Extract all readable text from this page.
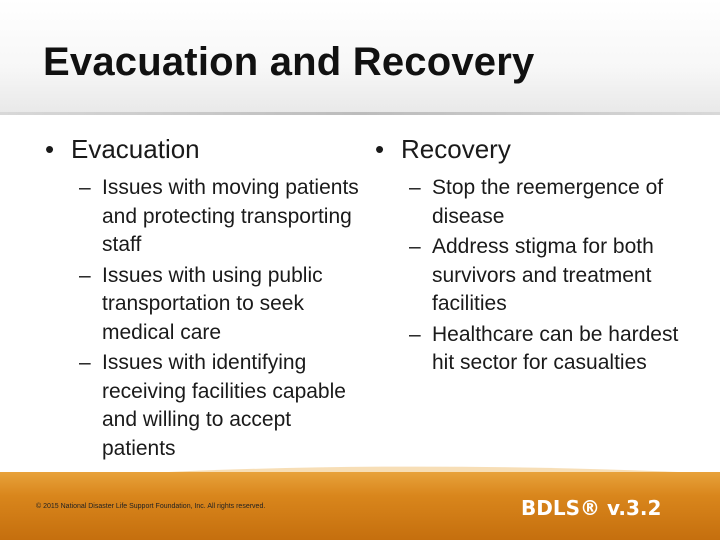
Evacuation and Recovery

• Evacuation

– Issues with moving patients and protecting transporting staff
– Issues with using public transportation to seek medical care
– Issues with identifying receiving facilities capable and willing to accept patients

• Recovery

– Stop the reemergence of disease
– Address stigma for both survivors and treatment facilities
– Healthcare can be hardest hit sector for casualties
© 2015 National Disaster Life Support Foundation, Inc. All rights reserved.	BDLS® v.3.2
